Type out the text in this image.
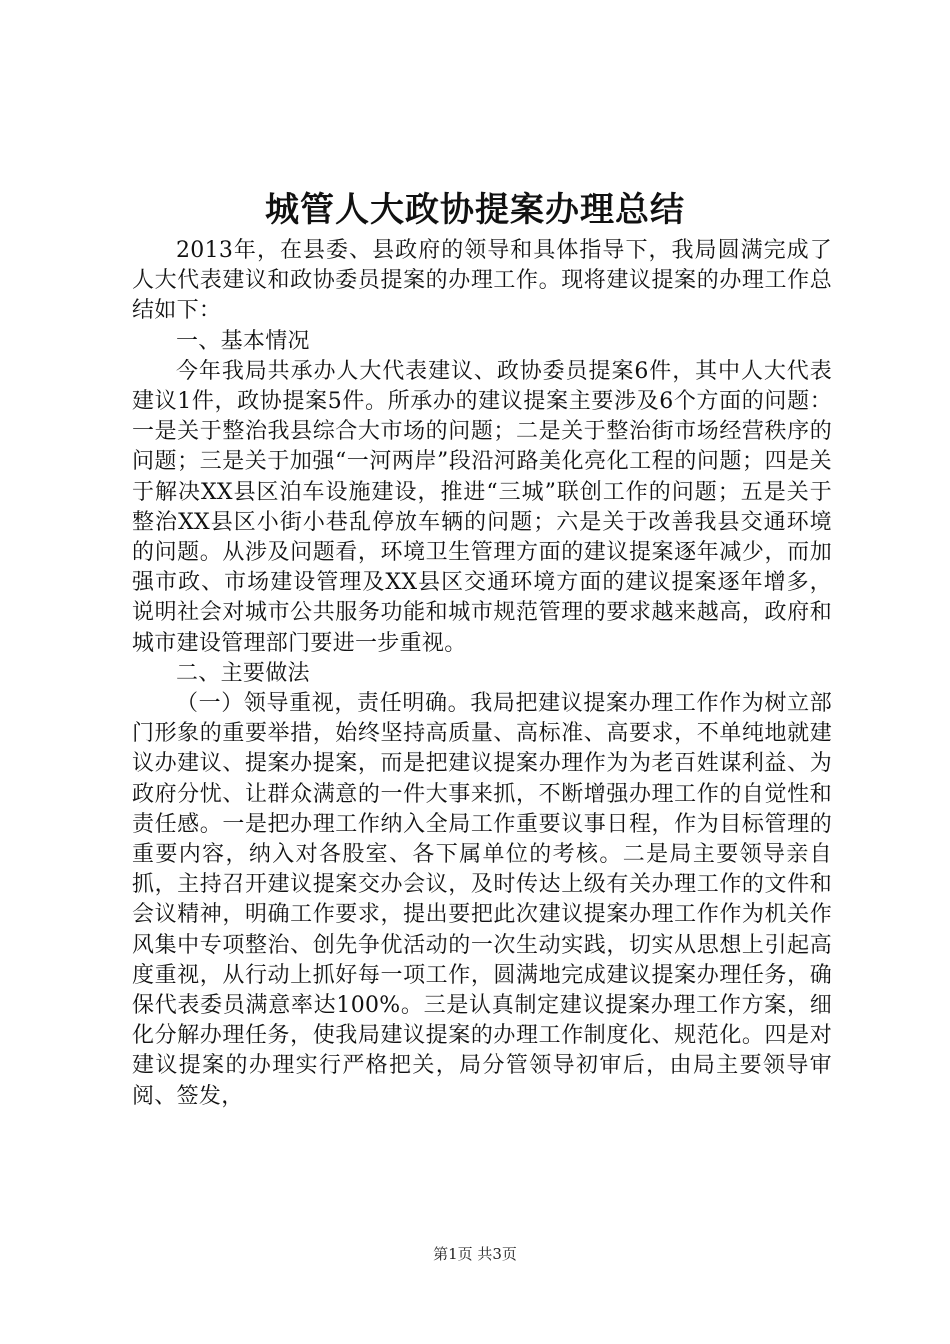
城管人大政协提案办理总结

2013年，在县委、县政府的领导和具体指导下，我局圆满完成了人大代表建议和政协委员提案的办理工作。现将建议提案的办理工作总结如下：

一、基本情况

今年我局共承办人大代表建议、政协委员提案6件，其中人大代表建议1件，政协提案5件。所承办的建议提案主要涉及6个方面的问题：一是关于整治我县综合大市场的问题；二是关于整治街市场经营秩序的问题；三是关于加强“一河两岸”段沿河路美化亮化工程的问题；四是关于解决XX县区泊车设施建设，推进“三城”联创工作的问题；五是关于整治XX县区小街小巷乱停放车辆的问题；六是关于改善我县交通环境的问题。从涉及问题看，环境卫生管理方面的建议提案逐年减少，而加强市政、市场建设管理及XX县区交通环境方面的建议提案逐年增多，说明社会对城市公共服务功能和城市规范管理的要求越来越高，政府和城市建设管理部门要进一步重视。

二、主要做法

（一）领导重视，责任明确。我局把建议提案办理工作作为树立部门形象的重要举措，始终坚持高质量、高标准、高要求，不单纯地就建议办建议、提案办提案，而是把建议提案办理作为为老百姓谋利益、为政府分忧、让群众满意的一件大事来抓，不断增强办理工作的自觉性和责任感。一是把办理工作纳入全局工作重要议事日程，作为目标管理的重要内容，纳入对各股室、各下属单位的考核。二是局主要领导亲自抓，主持召开建议提案交办会议，及时传达上级有关办理工作的文件和会议精神，明确工作要求，提出要把此次建议提案办理工作作为机关作风集中专项整治、创先争优活动的一次生动实践，切实从思想上引起高度重视，从行动上抓好每一项工作，圆满地完成建议提案办理任务，确保代表委员满意率达100%。三是认真制定建议提案办理工作方案，细化分解办理任务，使我局建议提案的办理工作制度化、规范化。四是对建议提案的办理实行严格把关，局分管领导初审后，由局主要领导审阅、签发，

第1页 共3页
